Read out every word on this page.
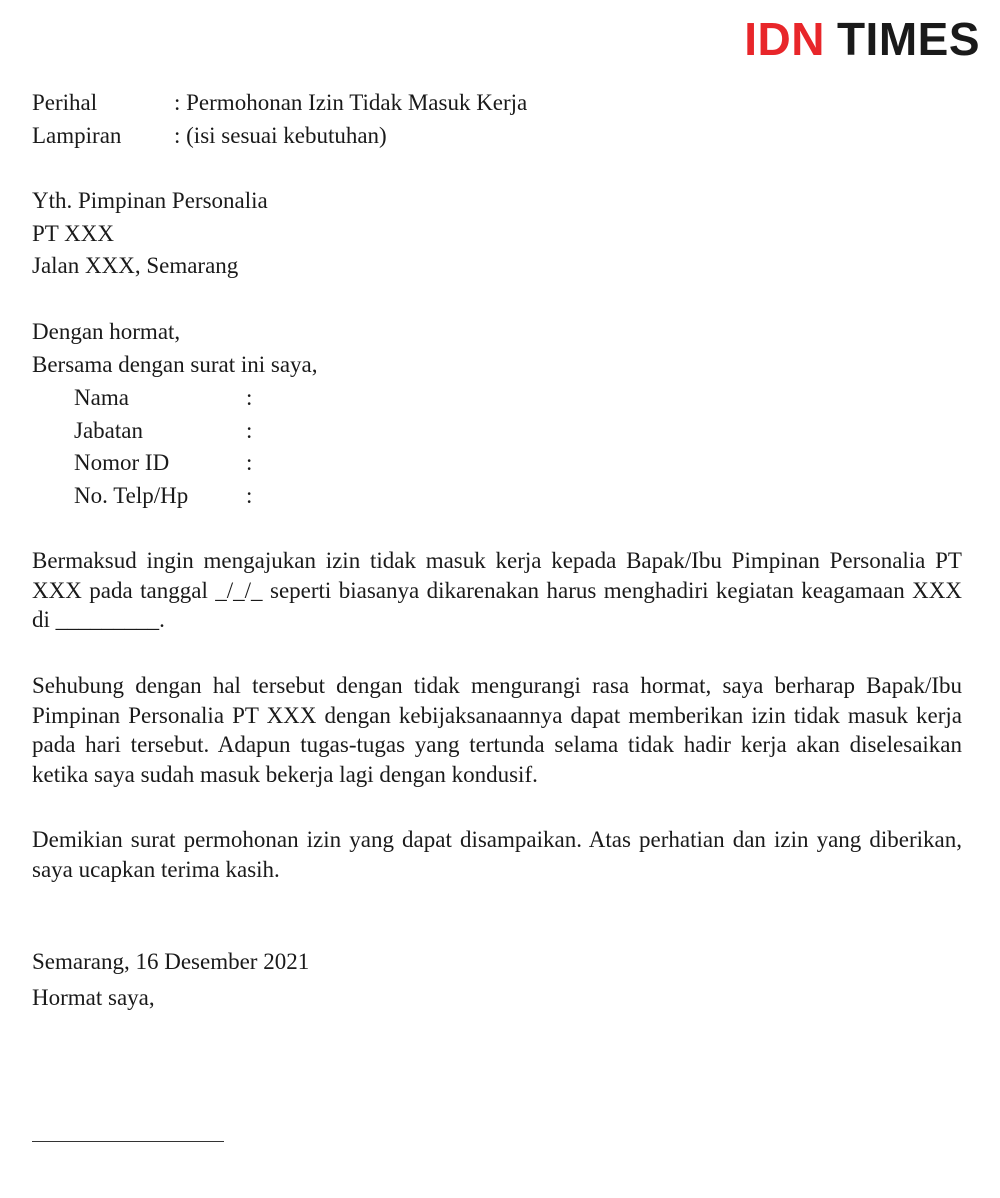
IDN TIMES
Perihal	: Permohonan Izin Tidak Masuk Kerja
Lampiran : (isi sesuai kebutuhan)
Yth. Pimpinan Personalia
PT XXX
Jalan XXX, Semarang
Dengan hormat,
Bersama dengan surat ini saya,
Nama	:
Jabatan	:
Nomor ID	:
No. Telp/Hp	:

Bermaksud ingin mengajukan izin tidak masuk kerja kepada Bapak/Ibu Pimpinan Personalia PT XXX pada tanggal _/_/_ seperti biasanya dikarenakan harus menghadiri kegiatan keagamaan XXX di _________.

Sehubung dengan hal tersebut dengan tidak mengurangi rasa hormat, saya berharap Bapak/Ibu Pimpinan Personalia PT XXX dengan kebijaksanaannya dapat memberikan izin tidak masuk kerja pada hari tersebut. Adapun tugas-tugas yang tertunda selama tidak hadir kerja akan diselesaikan ketika saya sudah masuk bekerja lagi dengan kondusif.

Demikian surat permohonan izin yang dapat disampaikan. Atas perhatian dan izin yang diberikan, saya ucapkan terima kasih.

Semarang, 16 Desember 2021
Hormat saya,
